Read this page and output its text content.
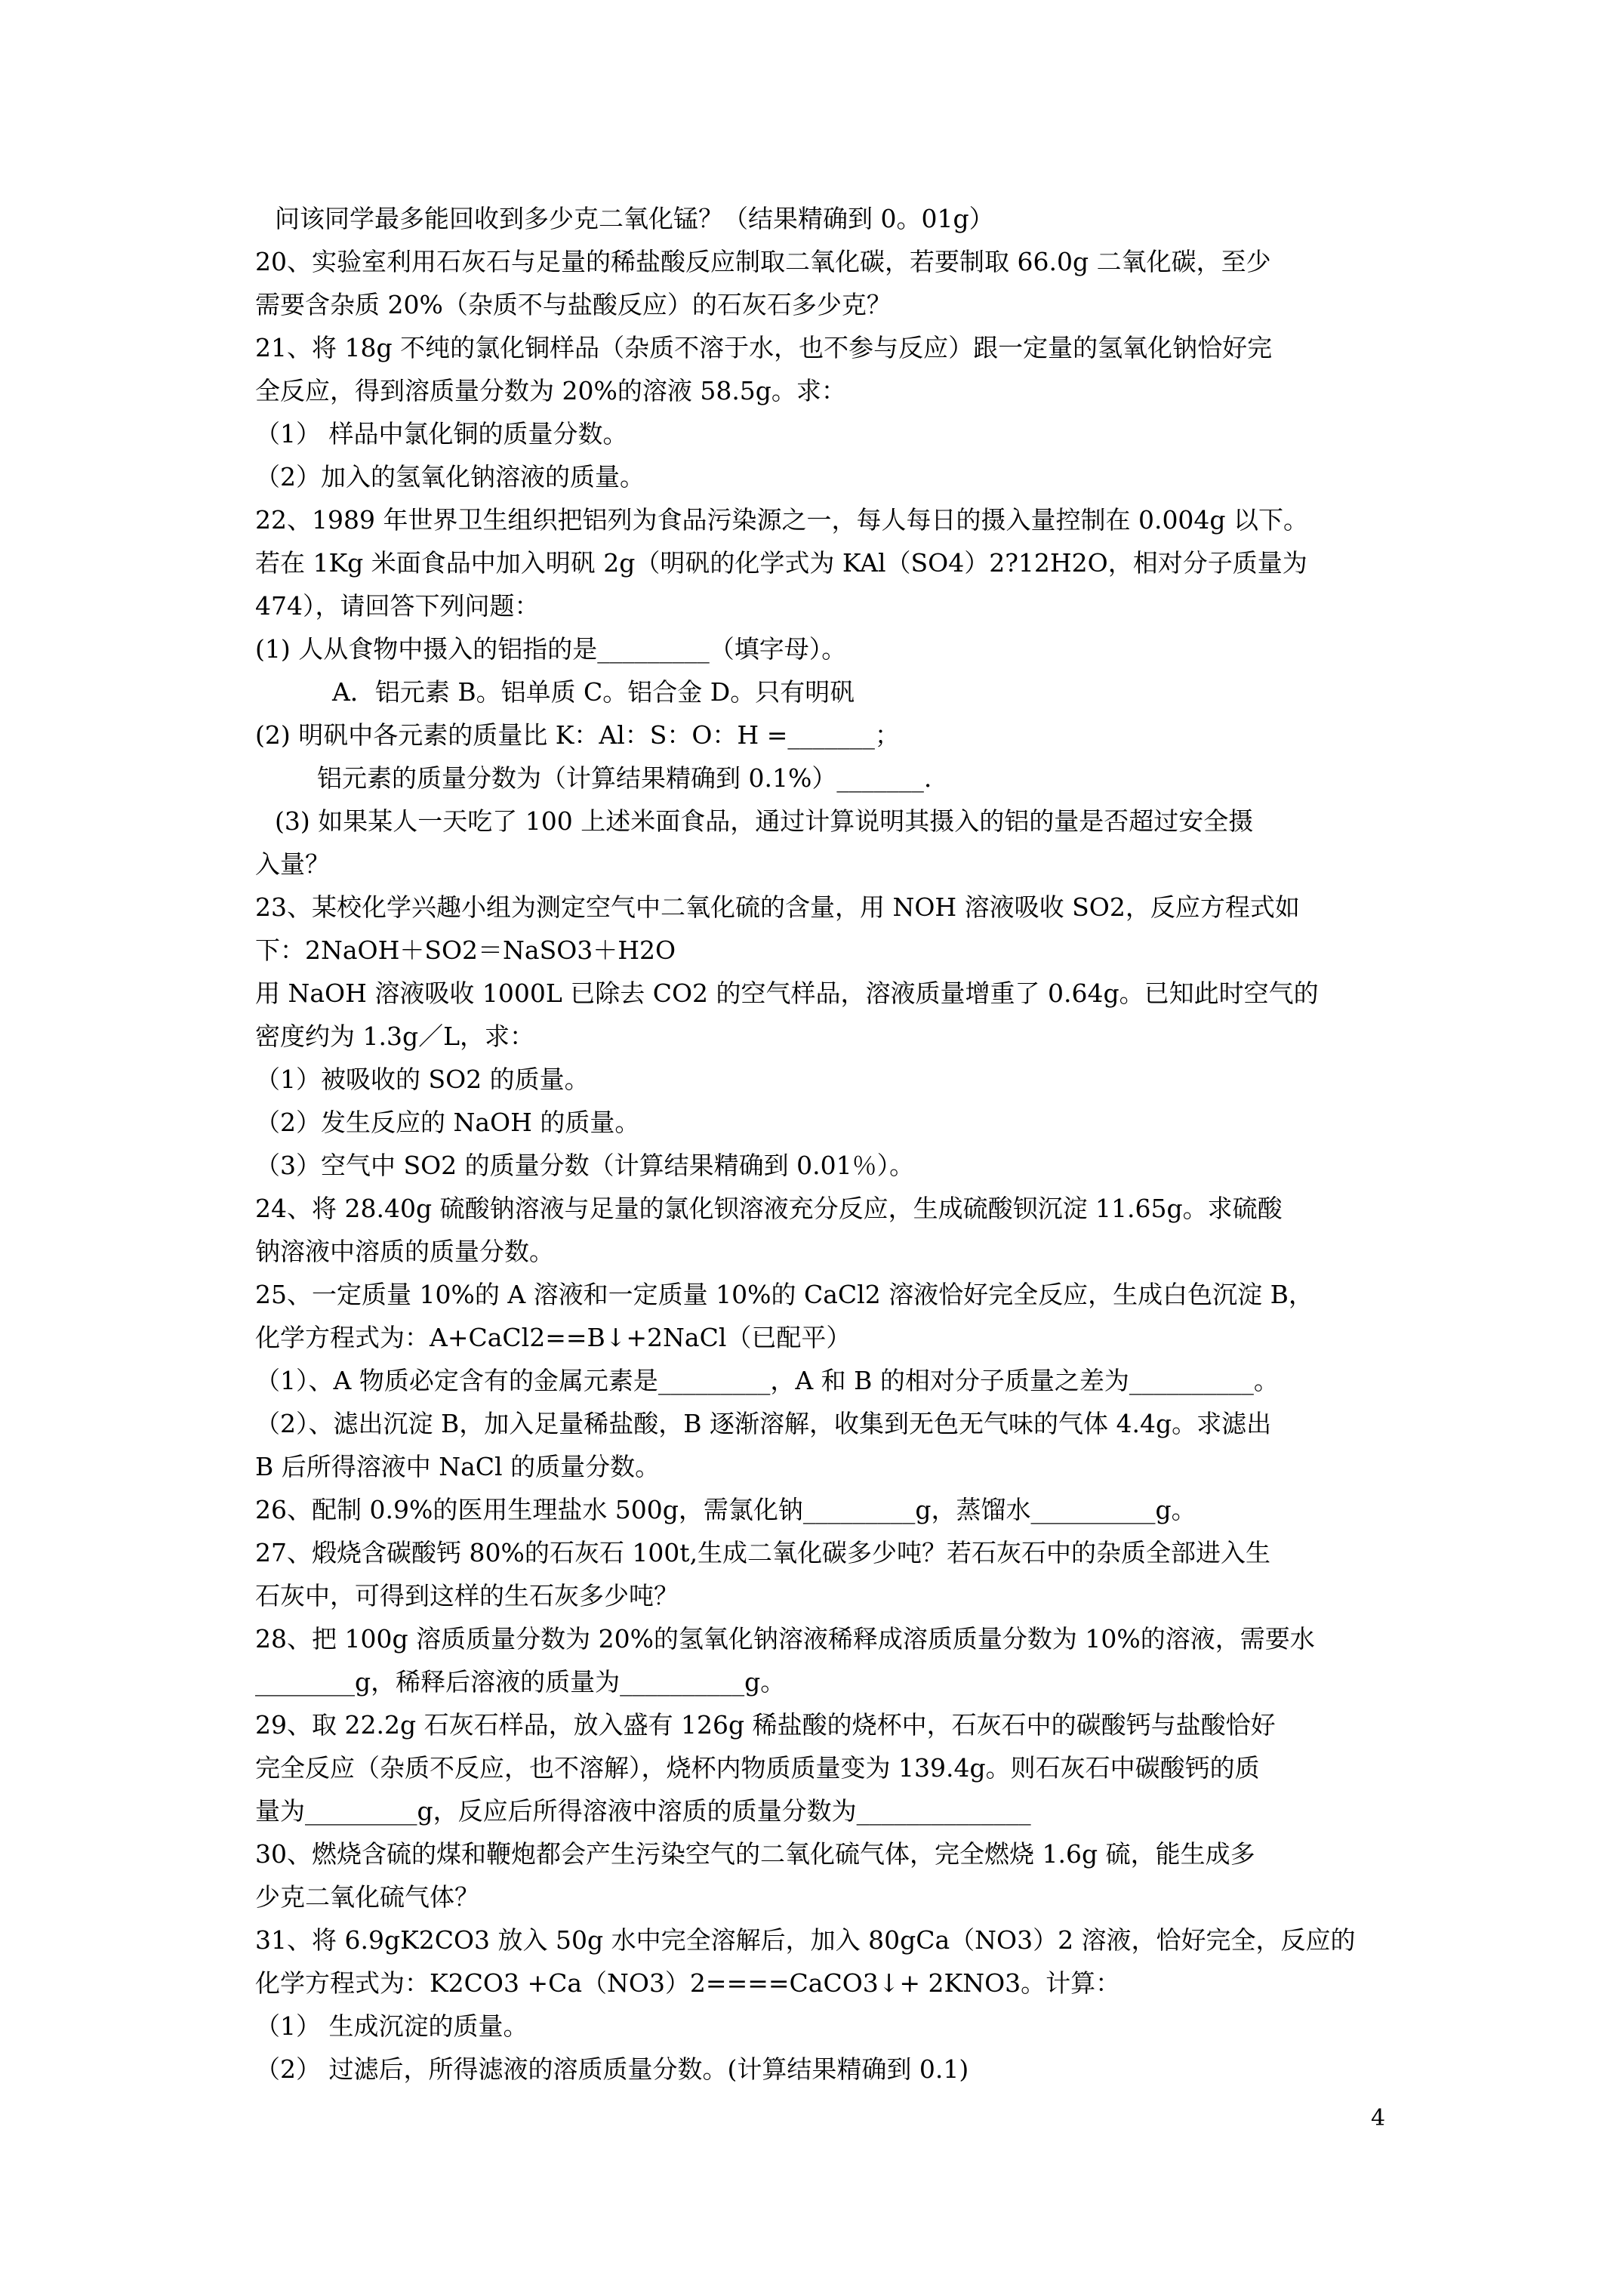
问该同学最多能回收到多少克二氧化锰？（结果精确到 0。01g）
20、实验室利用石灰石与足量的稀盐酸反应制取二氧化碳，若要制取 66.0g 二氧化碳，至少
需要含杂质 20%（杂质不与盐酸反应）的石灰石多少克？
21、将 18g 不纯的氯化铜样品（杂质不溶于水，也不参与反应）跟一定量的氢氧化钠恰好完
全反应，得到溶质量分数为 20%的溶液 58.5g。求：
（1） 样品中氯化铜的质量分数。
（2）加入的氢氧化钠溶液的质量。
22、1989 年世界卫生组织把铝列为食品污染源之一，每人每日的摄入量控制在 0.004g 以下。
若在 1Kg 米面食品中加入明矾 2g（明矾的化学式为 KAl（SO4）2?12H2O，相对分子质量为
474），请回答下列问题：
(1) 人从食物中摄入的铝指的是_________（填字母）。
A．铝元素 B。铝单质 C。铝合金 D。只有明矾
(2) 明矾中各元素的质量比 K：Al：S：O：H =_______；
铝元素的质量分数为（计算结果精确到 0.1%）_______.
(3) 如果某人一天吃了 100 上述米面食品，通过计算说明其摄入的铝的量是否超过安全摄
入量？
23、某校化学兴趣小组为测定空气中二氧化硫的含量，用 NOH 溶液吸收 SO2，反应方程式如
下：2NaOH＋SO2＝NaSO3＋H2O
用 NaOH 溶液吸收 1000L 已除去 CO2 的空气样品，溶液质量增重了 0.64g。已知此时空气的
密度约为 1.3g／L，求：
（1）被吸收的 SO2 的质量。
（2）发生反应的 NaOH 的质量。
（3）空气中 SO2 的质量分数（计算结果精确到 0.01％）。
24、将 28.40g 硫酸钠溶液与足量的氯化钡溶液充分反应，生成硫酸钡沉淀 11.65g。求硫酸
钠溶液中溶质的质量分数。
25、一定质量 10%的 A 溶液和一定质量 10%的 CaCl2 溶液恰好完全反应，生成白色沉淀 B，
化学方程式为：A+CaCl2==B↓+2NaCl（已配平）
（1）、A 物质必定含有的金属元素是_________，A 和 B 的相对分子质量之差为__________。
（2）、滤出沉淀 B，加入足量稀盐酸，B 逐渐溶解，收集到无色无气味的气体 4.4g。求滤出
B 后所得溶液中 NaCl 的质量分数。
26、配制 0.9%的医用生理盐水 500g，需氯化钠_________g，蒸馏水__________g。
27、煅烧含碳酸钙 80%的石灰石 100t,生成二氧化碳多少吨？若石灰石中的杂质全部进入生
石灰中，可得到这样的生石灰多少吨？
28、把 100g 溶质质量分数为 20%的氢氧化钠溶液稀释成溶质质量分数为 10%的溶液，需要水
________g，稀释后溶液的质量为__________g。
29、取 22.2g 石灰石样品，放入盛有 126g 稀盐酸的烧杯中，石灰石中的碳酸钙与盐酸恰好
完全反应（杂质不反应，也不溶解），烧杯内物质质量变为 139.4g。则石灰石中碳酸钙的质
量为_________g，反应后所得溶液中溶质的质量分数为______________
30、燃烧含硫的煤和鞭炮都会产生污染空气的二氧化硫气体，完全燃烧 1.6g 硫，能生成多
少克二氧化硫气体？
31、将 6.9gK2CO3 放入 50g 水中完全溶解后，加入 80gCa（NO3）2 溶液，恰好完全，反应的
化学方程式为：K2CO3 +Ca（NO3）2====CaCO3↓+ 2KNO3。计算：
（1） 生成沉淀的质量。
（2） 过滤后，所得滤液的溶质质量分数。(计算结果精确到 0.1)
4
